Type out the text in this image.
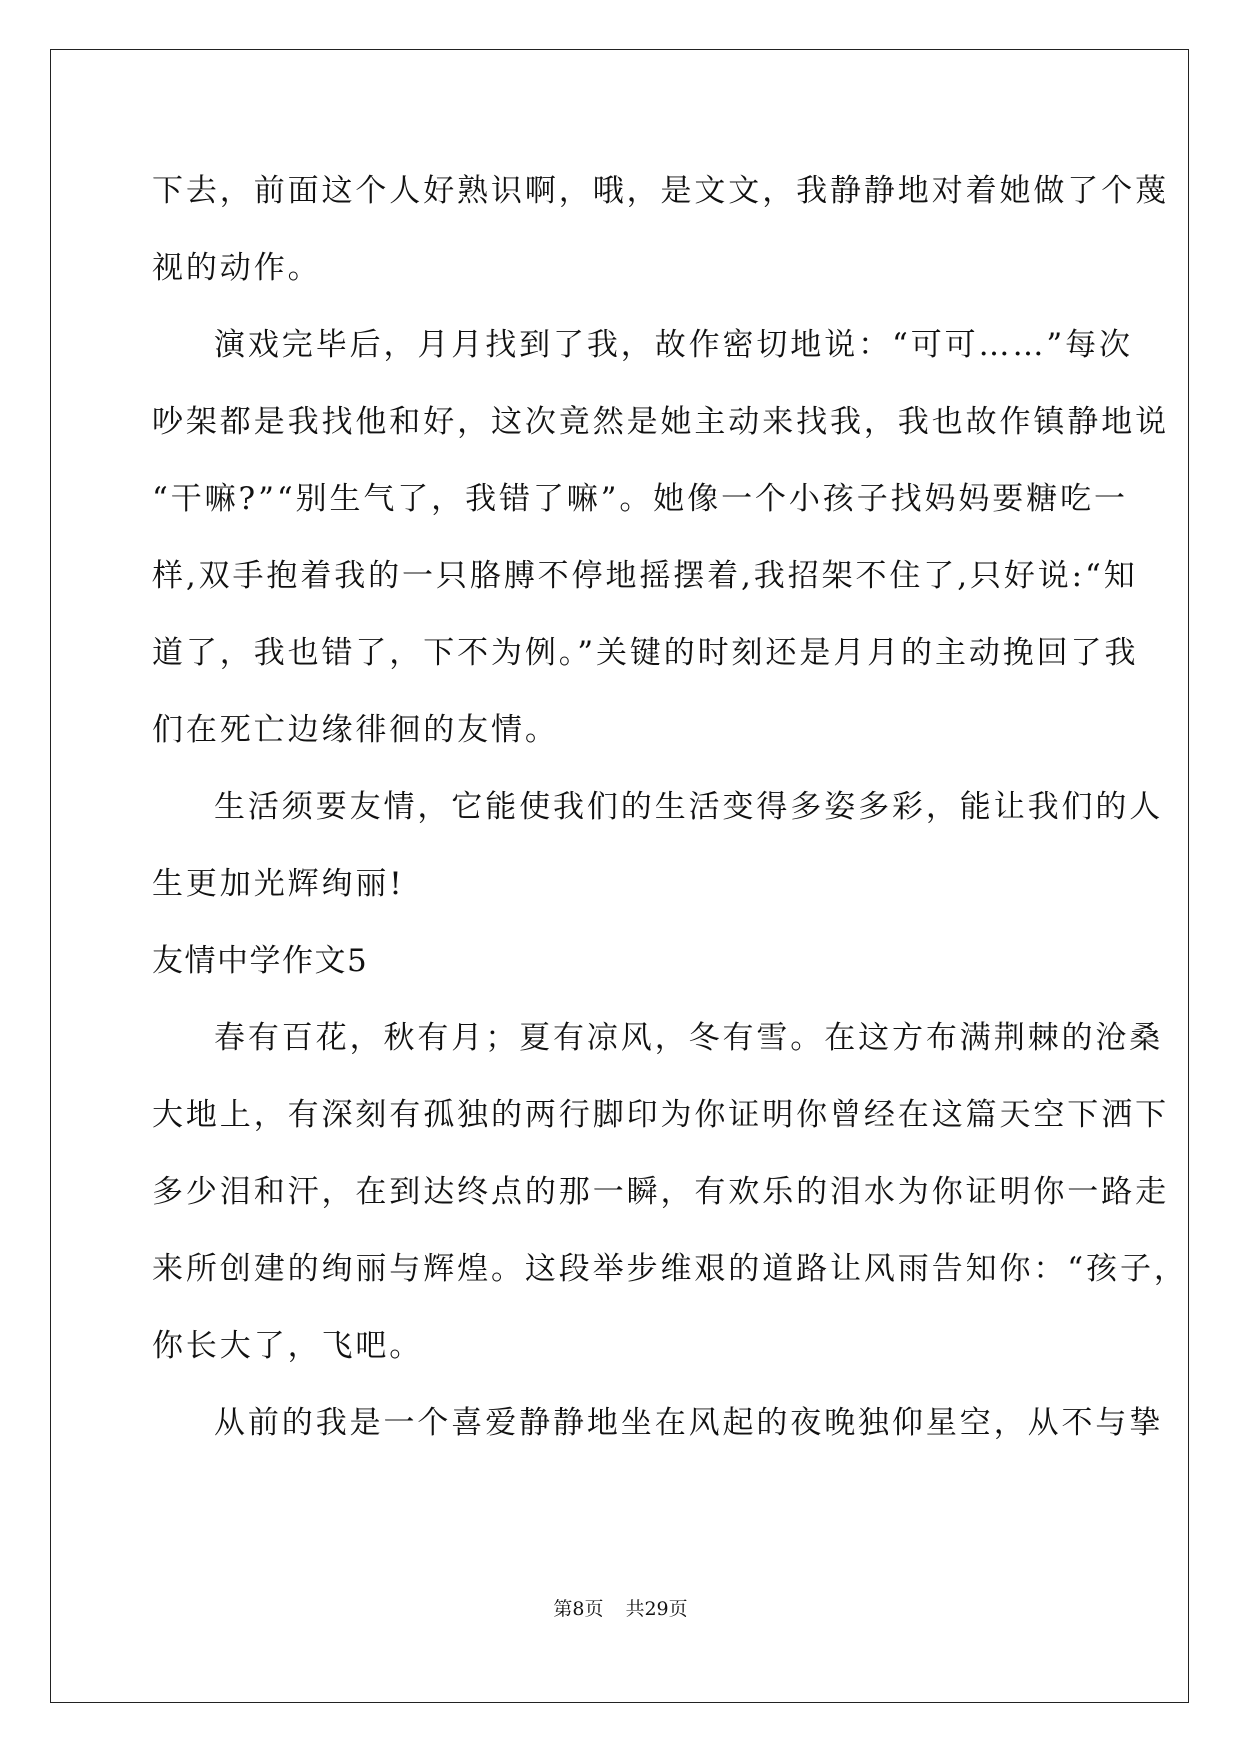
下去，前面这个人好熟识啊，哦，是文文，我静静地对着她做了个蔑
视的动作。
演戏完毕后，月月找到了我，故作密切地说：“可可……”每次
吵架都是我找他和好，这次竟然是她主动来找我，我也故作镇静地说
“干嘛?”“别生气了，我错了嘛”。她像一个小孩子找妈妈要糖吃一
样,双手抱着我的一只胳膊不停地摇摆着,我招架不住了,只好说:“知
道了，我也错了，下不为例。”关键的时刻还是月月的主动挽回了我
们在死亡边缘徘徊的友情。
生活须要友情，它能使我们的生活变得多姿多彩，能让我们的人
生更加光辉绚丽!
友情中学作文5
春有百花，秋有月；夏有凉风，冬有雪。在这方布满荆棘的沧桑
大地上，有深刻有孤独的两行脚印为你证明你曾经在这篇天空下洒下
多少泪和汗，在到达终点的那一瞬，有欢乐的泪水为你证明你一路走
来所创建的绚丽与辉煌。这段举步维艰的道路让风雨告知你：“孩子，
你长大了，飞吧。
从前的我是一个喜爱静静地坐在风起的夜晚独仰星空，从不与挚
第8页 共29页
